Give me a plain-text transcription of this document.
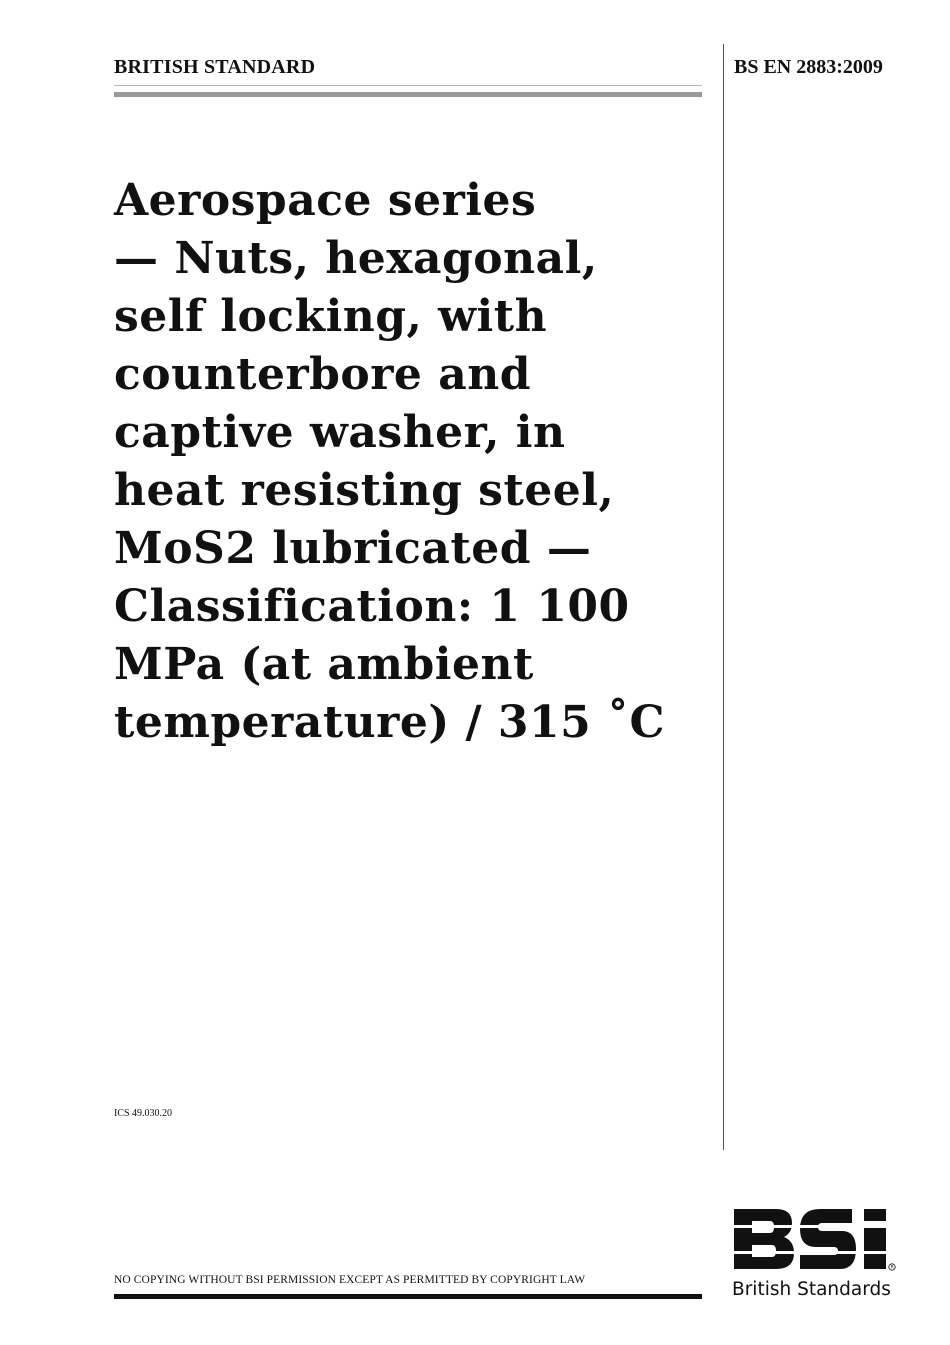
BRITISH STANDARD	BS EN 2883:2009
Aerospace series
— Nuts, hexagonal,
self locking, with
counterbore and
captive washer, in
heat resisting steel,
MoS2 lubricated —
Classification: 1 100
MPa (at ambient
temperature) / 315 ˚C
ICS 49.030.20
NO COPYING WITHOUT BSI PERMISSION EXCEPT AS PERMITTED BY COPYRIGHT LAW
R
British Standards
